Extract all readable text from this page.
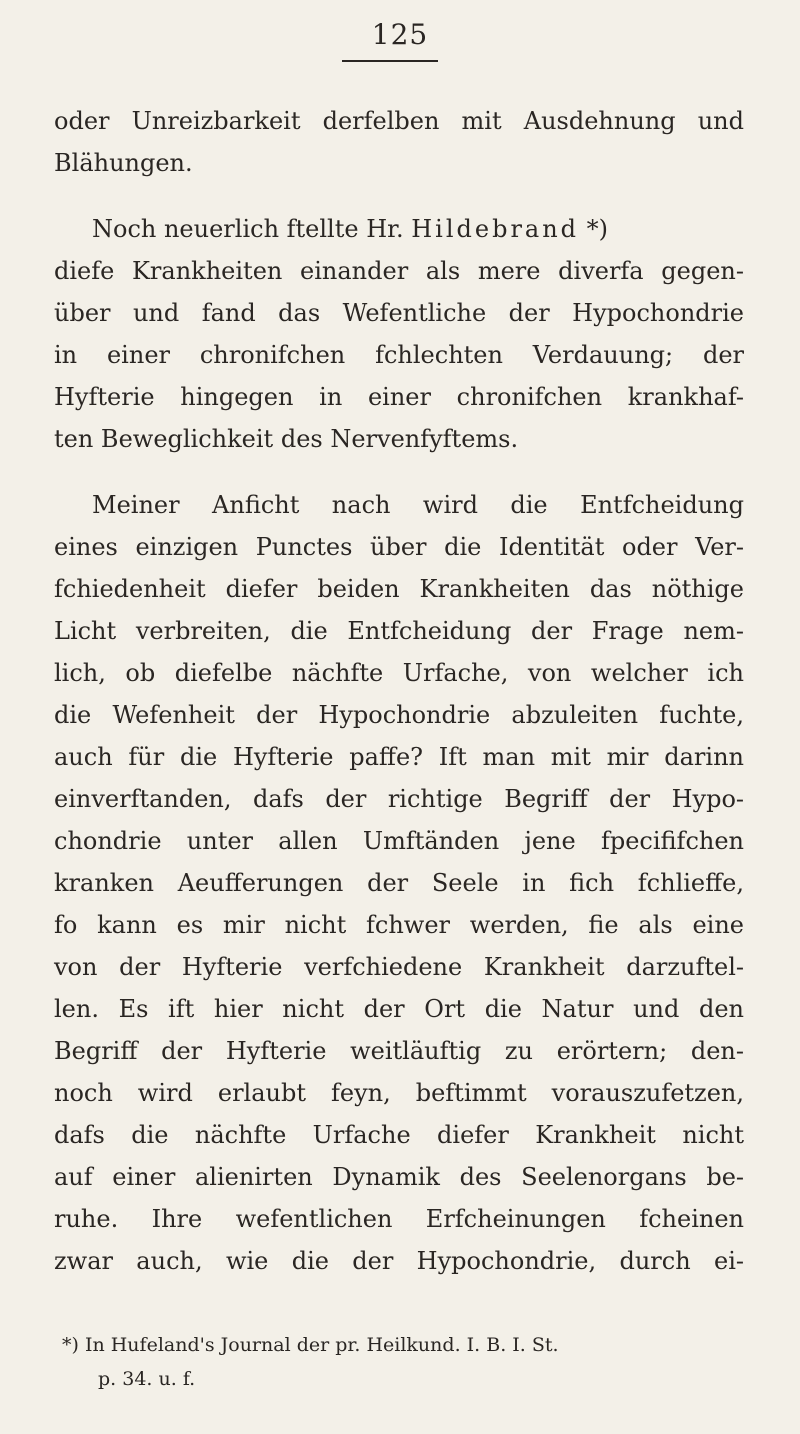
125
oder Unreizbarkeit derfelben mit Ausdehnung und
Blähungen.
Noch neuerlich ftellte Hr. Hildebrand *)
diefe Krankheiten einander als mere diverfa gegen-
über und fand das Wefentliche der Hypochondrie
in einer chronifchen fchlechten Verdauung; der
Hyfterie hingegen in einer chronifchen krankhaf-
ten Beweglichkeit des Nervenfyftems.
Meiner Anficht nach wird die Entfcheidung
eines einzigen Punctes über die Identität oder Ver-
fchiedenheit diefer beiden Krankheiten das nöthige
Licht verbreiten, die Entfcheidung der Frage nem-
lich, ob diefelbe nächfte Urfache, von welcher ich
die Wefenheit der Hypochondrie abzuleiten fuchte,
auch für die Hyfterie paffe? Ift man mit mir darinn
einverftanden, dafs der richtige Begriff der Hypo-
chondrie unter allen Umftänden jene fpecififchen
kranken Aeufferungen der Seele in fich fchlieffe,
fo kann es mir nicht fchwer werden, fie als eine
von der Hyfterie verfchiedene Krankheit darzuftel-
len. Es ift hier nicht der Ort die Natur und den
Begriff der Hyfterie weitläuftig zu erörtern; den-
noch wird erlaubt feyn, beftimmt vorauszufetzen,
dafs die nächfte Urfache diefer Krankheit nicht
auf einer alienirten Dynamik des Seelenorgans be-
ruhe. Ihre wefentlichen Erfcheinungen fcheinen
zwar auch, wie die der Hypochondrie, durch ei-
*) In Hufeland's Journal der pr. Heilkund. I. B. I. St.
p. 34. u. f.
